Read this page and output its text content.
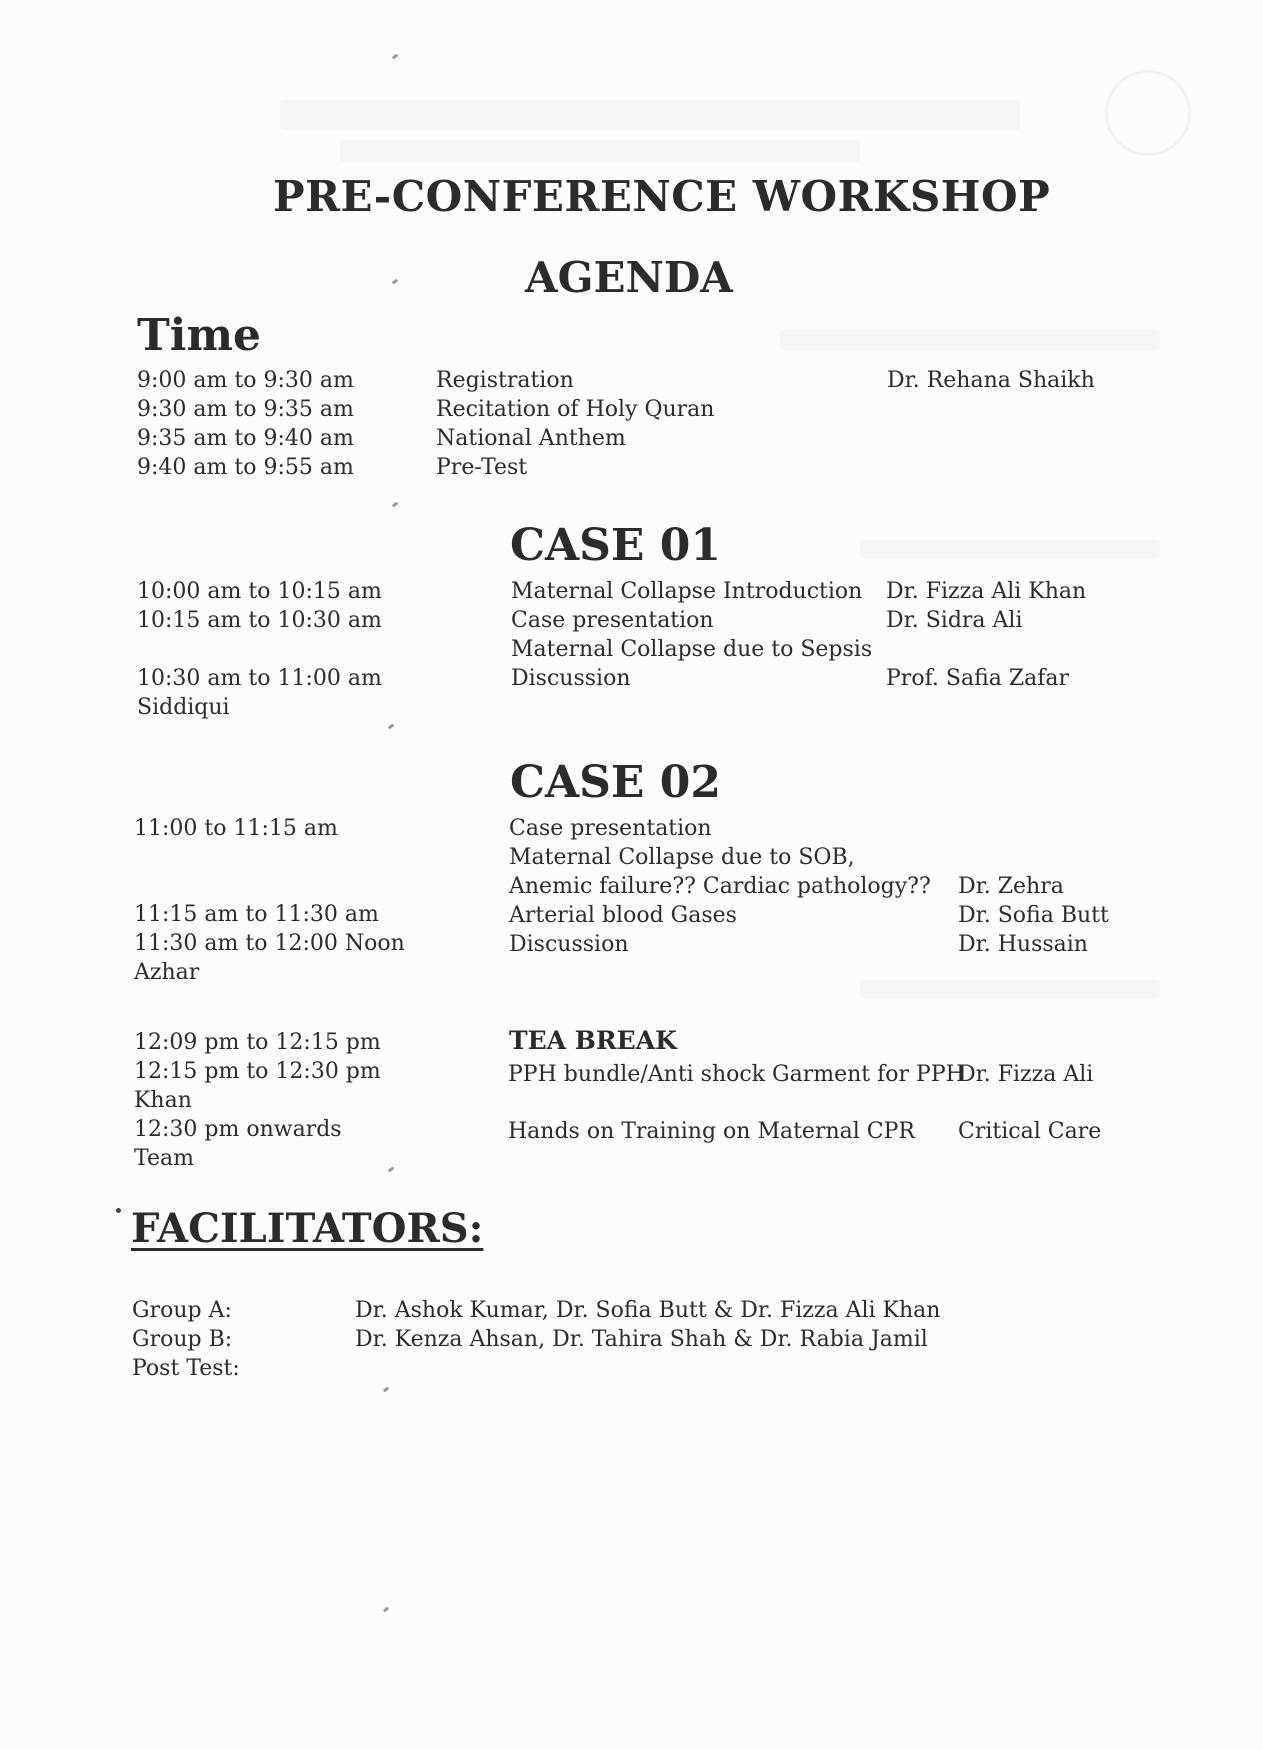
PRE-CONFERENCE WORKSHOP
AGENDA
Time
9:00 am to 9:30 am
9:30 am to 9:35 am
9:35 am to 9:40 am
9:40 am to 9:55 am
Registration
Recitation of Holy Quran
National Anthem
Pre-Test
Dr. Rehana Shaikh
CASE 01
10:00 am to 10:15 am
10:15 am to 10:30 am
10:30 am to 11:00 am
Siddiqui
Maternal Collapse Introduction
Case presentation
Maternal Collapse due to Sepsis
Discussion
Dr. Fizza Ali Khan
Dr. Sidra Ali
Prof. Safia Zafar
CASE 02
11:00 to 11:15 am
11:15 am to 11:30 am
11:30 am to 12:00 Noon
Azhar
Case presentation
Maternal Collapse due to SOB,
Anemic failure?? Cardiac pathology??
Arterial blood Gases
Discussion
Dr. Zehra
Dr. Sofia Butt
Dr. Hussain
12:09 pm to 12:15 pm
12:15 pm to 12:30 pm
Khan
12:30 pm onwards
Team
TEA BREAK
PPH bundle/Anti shock Garment for PPH
Hands on Training on Maternal CPR
Dr. Fizza Ali
Critical Care
FACILITATORS:
Group A:	Dr. Ashok Kumar, Dr. Sofia Butt & Dr. Fizza Ali Khan
Group B:	Dr. Kenza Ahsan, Dr. Tahira Shah & Dr. Rabia Jamil
Post Test:
